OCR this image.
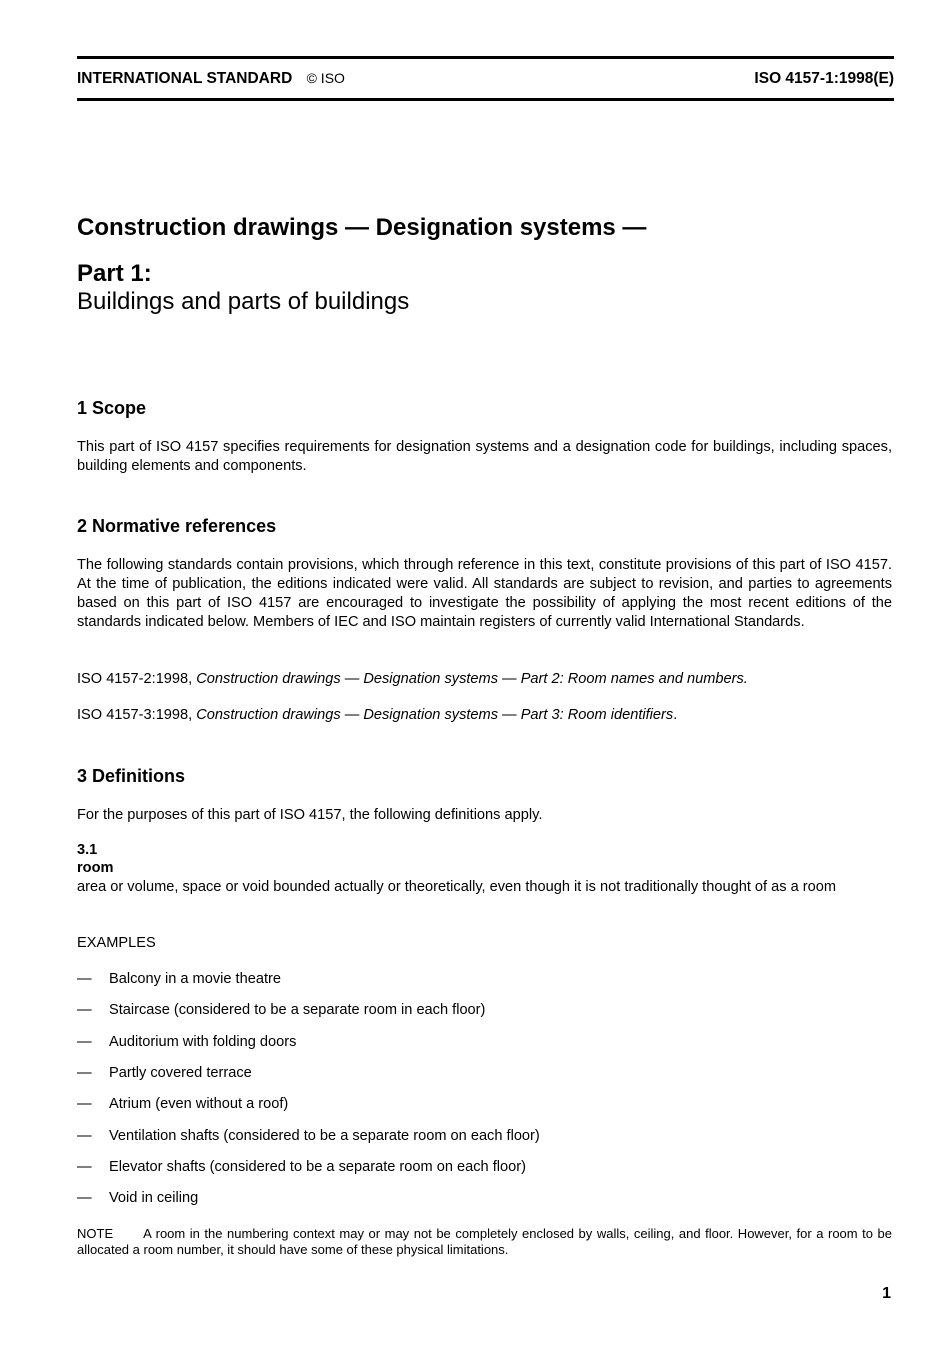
INTERNATIONAL STANDARD © ISO	ISO 4157-1:1998(E)
Construction drawings — Designation systems —
Part 1:
Buildings and parts of buildings
1 Scope
This part of ISO 4157 specifies requirements for designation systems and a designation code for buildings, including spaces, building elements and components.
2 Normative references
The following standards contain provisions, which through reference in this text, constitute provisions of this part of ISO 4157. At the time of publication, the editions indicated were valid. All standards are subject to revision, and parties to agreements based on this part of ISO 4157 are encouraged to investigate the possibility of applying the most recent editions of the standards indicated below. Members of IEC and ISO maintain registers of currently valid International Standards.
ISO 4157-2:1998, Construction drawings — Designation systems — Part 2: Room names and numbers.
ISO 4157-3:1998, Construction drawings — Designation systems — Part 3: Room identifiers.
3 Definitions
For the purposes of this part of ISO 4157, the following definitions apply.
3.1
room
area or volume, space or void bounded actually or theoretically, even though it is not traditionally thought of as a room
EXAMPLES
— Balcony in a movie theatre
— Staircase (considered to be a separate room in each floor)
— Auditorium with folding doors
— Partly covered terrace
— Atrium (even without a roof)
— Ventilation shafts (considered to be a separate room on each floor)
— Elevator shafts (considered to be a separate room on each floor)
— Void in ceiling
NOTE A room in the numbering context may or may not be completely enclosed by walls, ceiling, and floor. However, for a room to be allocated a room number, it should have some of these physical limitations.
1
